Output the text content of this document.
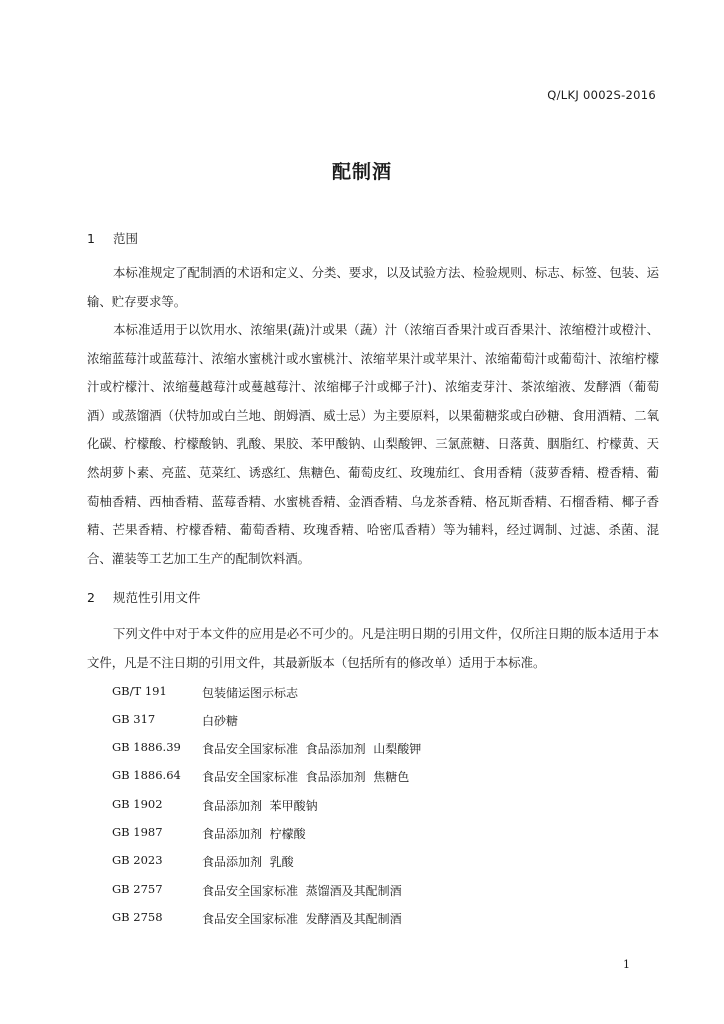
Q/LKJ 0002S-2016
配制酒
1 范围

本标准规定了配制酒的术语和定义、分类、要求，以及试验方法、检验规则、标志、标签、包装、运输、贮存要求等。

本标准适用于以饮用水、浓缩果(蔬)汁或果（蔬）汁（浓缩百香果汁或百香果汁、浓缩橙汁或橙汁、浓缩蓝莓汁或蓝莓汁、浓缩水蜜桃汁或水蜜桃汁、浓缩苹果汁或苹果汁、浓缩葡萄汁或葡萄汁、浓缩柠檬汁或柠檬汁、浓缩蔓越莓汁或蔓越莓汁、浓缩椰子汁或椰子汁)、浓缩麦芽汁、茶浓缩液、发酵酒（葡萄酒）或蒸馏酒（伏特加或白兰地、朗姆酒、威士忌）为主要原料，以果葡糖浆或白砂糖、食用酒精、二氧化碳、柠檬酸、柠檬酸钠、乳酸、果胶、苯甲酸钠、山梨酸钾、三氯蔗糖、日落黄、胭脂红、柠檬黄、天然胡萝卜素、亮蓝、苋菜红、诱惑红、焦糖色、葡萄皮红、玫瑰茄红、食用香精（菠萝香精、橙香精、葡萄柚香精、西柚香精、蓝莓香精、水蜜桃香精、金酒香精、乌龙茶香精、格瓦斯香精、石榴香精、椰子香精、芒果香精、柠檬香精、葡萄香精、玫瑰香精、哈密瓜香精）等为辅料，经过调制、过滤、杀菌、混合、灌装等工艺加工生产的配制饮料酒。

2 规范性引用文件

下列文件中对于本文件的应用是必不可少的。凡是注明日期的引用文件，仅所注日期的版本适用于本文件，凡是不注日期的引用文件，其最新版本（包括所有的修改单）适用于本标准。

GB/T 191	包装储运图示标志
GB 317	白砂糖
GB 1886.39 食品安全国家标准  食品添加剂  山梨酸钾
GB 1886.64 食品安全国家标准  食品添加剂  焦糖色
GB 1902	食品添加剂  苯甲酸钠
GB 1987	食品添加剂  柠檬酸
GB 2023	食品添加剂  乳酸
GB 2757	食品安全国家标准  蒸馏酒及其配制酒
GB 2758	食品安全国家标准  发酵酒及其配制酒
1
